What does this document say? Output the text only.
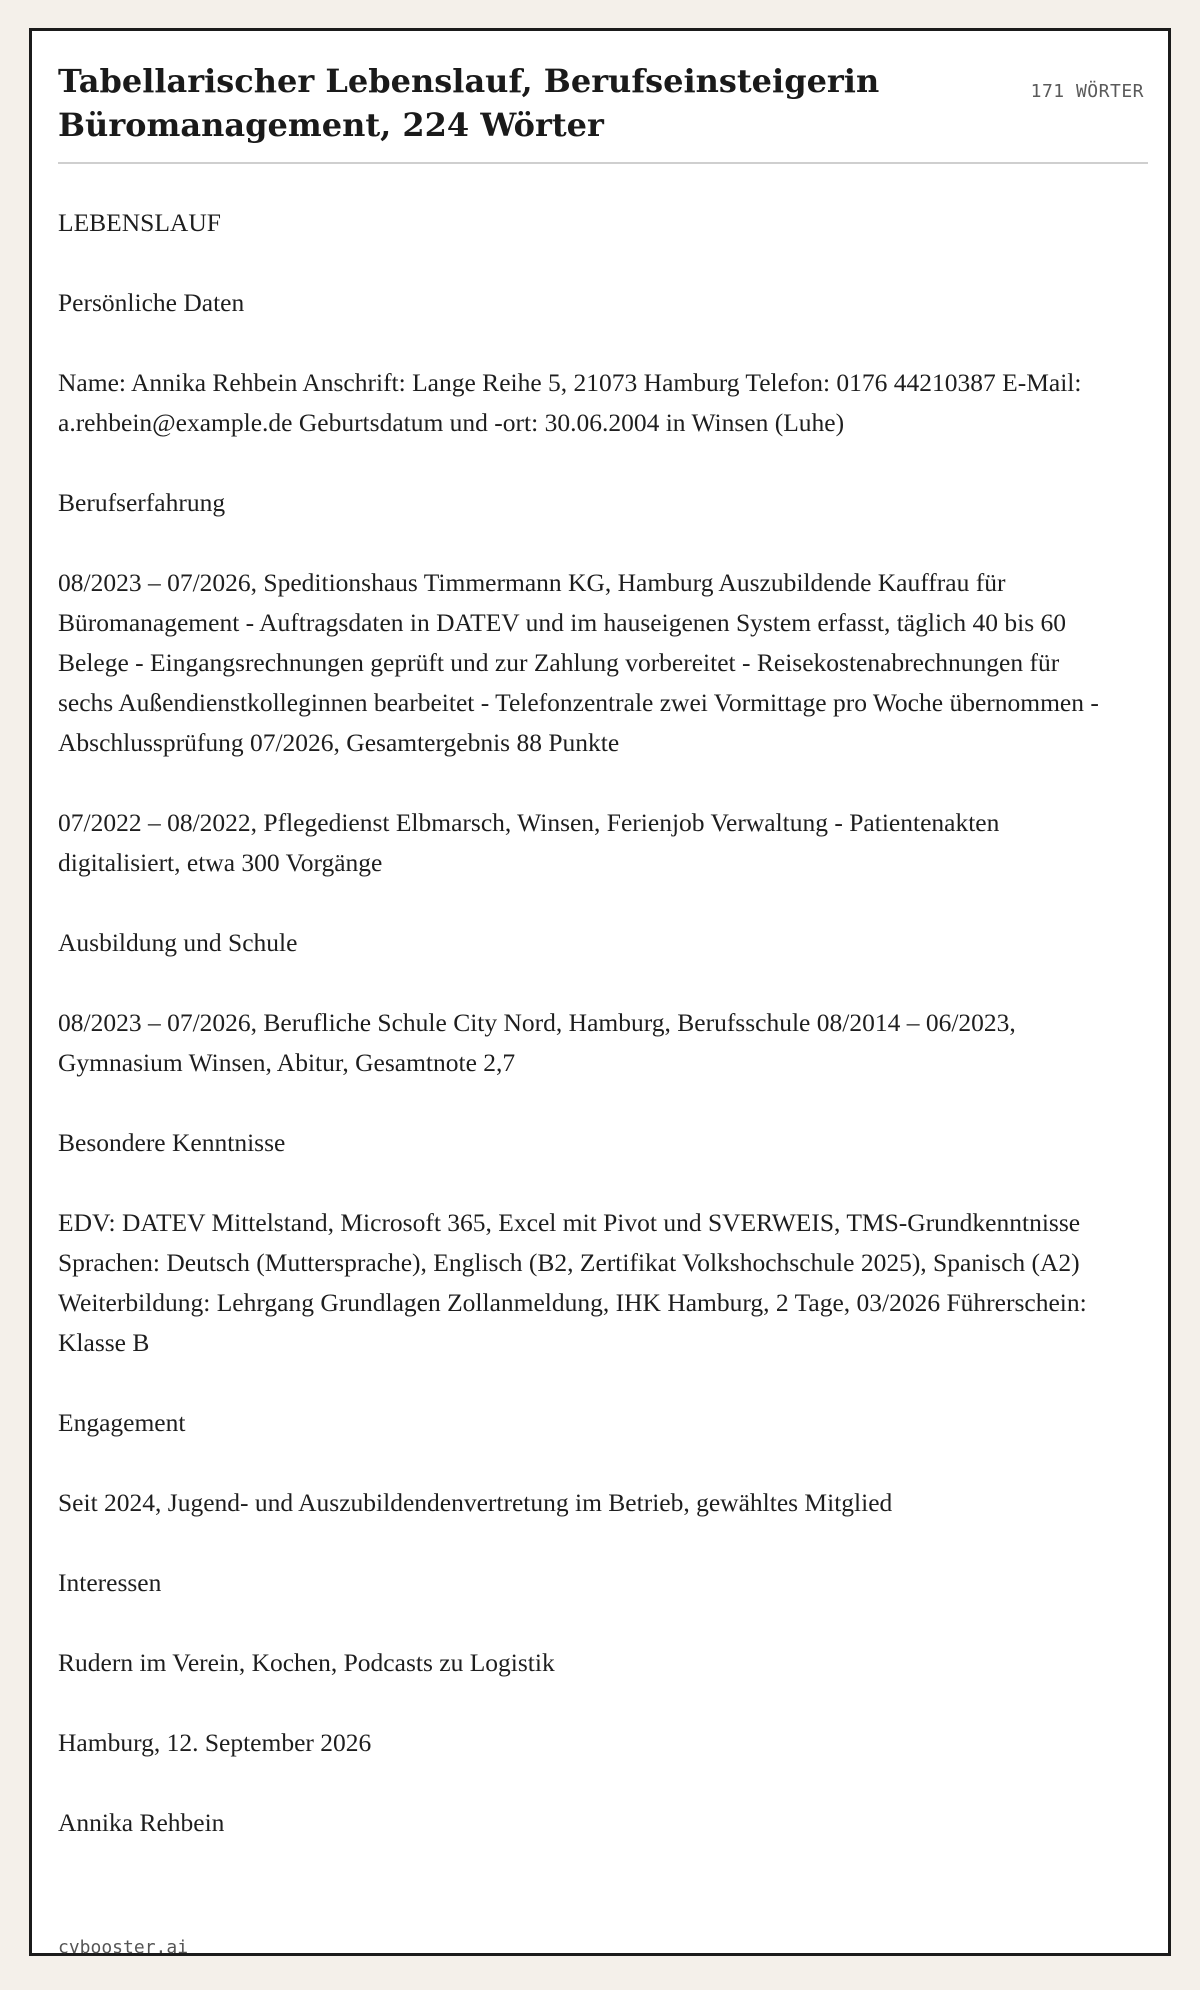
Tabellarischer Lebenslauf, Berufseinsteigerin Büromanagement, 224 Wörter
171 WÖRTER

LEBENSLAUF

Persönliche Daten

Name: Annika Rehbein Anschrift: Lange Reihe 5, 21073 Hamburg Telefon: 0176 44210387 E-Mail: a.rehbein@example.de Geburtsdatum und -ort: 30.06.2004 in Winsen (Luhe)

Berufserfahrung

08/2023 – 07/2026, Speditionshaus Timmermann KG, Hamburg Auszubildende Kauffrau für Büromanagement - Auftragsdaten in DATEV und im hauseigenen System erfasst, täglich 40 bis 60 Belege - Eingangsrechnungen geprüft und zur Zahlung vorbereitet - Reisekostenabrechnungen für sechs Außendienstkolleginnen bearbeitet - Telefonzentrale zwei Vormittage pro Woche übernommen - Abschlussprüfung 07/2026, Gesamtergebnis 88 Punkte

07/2022 – 08/2022, Pflegedienst Elbmarsch, Winsen, Ferienjob Verwaltung - Patientenakten digitalisiert, etwa 300 Vorgänge

Ausbildung und Schule

08/2023 – 07/2026, Berufliche Schule City Nord, Hamburg, Berufsschule 08/2014 – 06/2023, Gymnasium Winsen, Abitur, Gesamtnote 2,7

Besondere Kenntnisse

EDV: DATEV Mittelstand, Microsoft 365, Excel mit Pivot und SVERWEIS, TMS-Grundkenntnisse Sprachen: Deutsch (Muttersprache), Englisch (B2, Zertifikat Volkshochschule 2025), Spanisch (A2) Weiterbildung: Lehrgang Grundlagen Zollanmeldung, IHK Hamburg, 2 Tage, 03/2026 Führerschein: Klasse B

Engagement

Seit 2024, Jugend- und Auszubildendenvertretung im Betrieb, gewähltes Mitglied

Interessen

Rudern im Verein, Kochen, Podcasts zu Logistik

Hamburg, 12. September 2026

Annika Rehbein

cvbooster.ai
